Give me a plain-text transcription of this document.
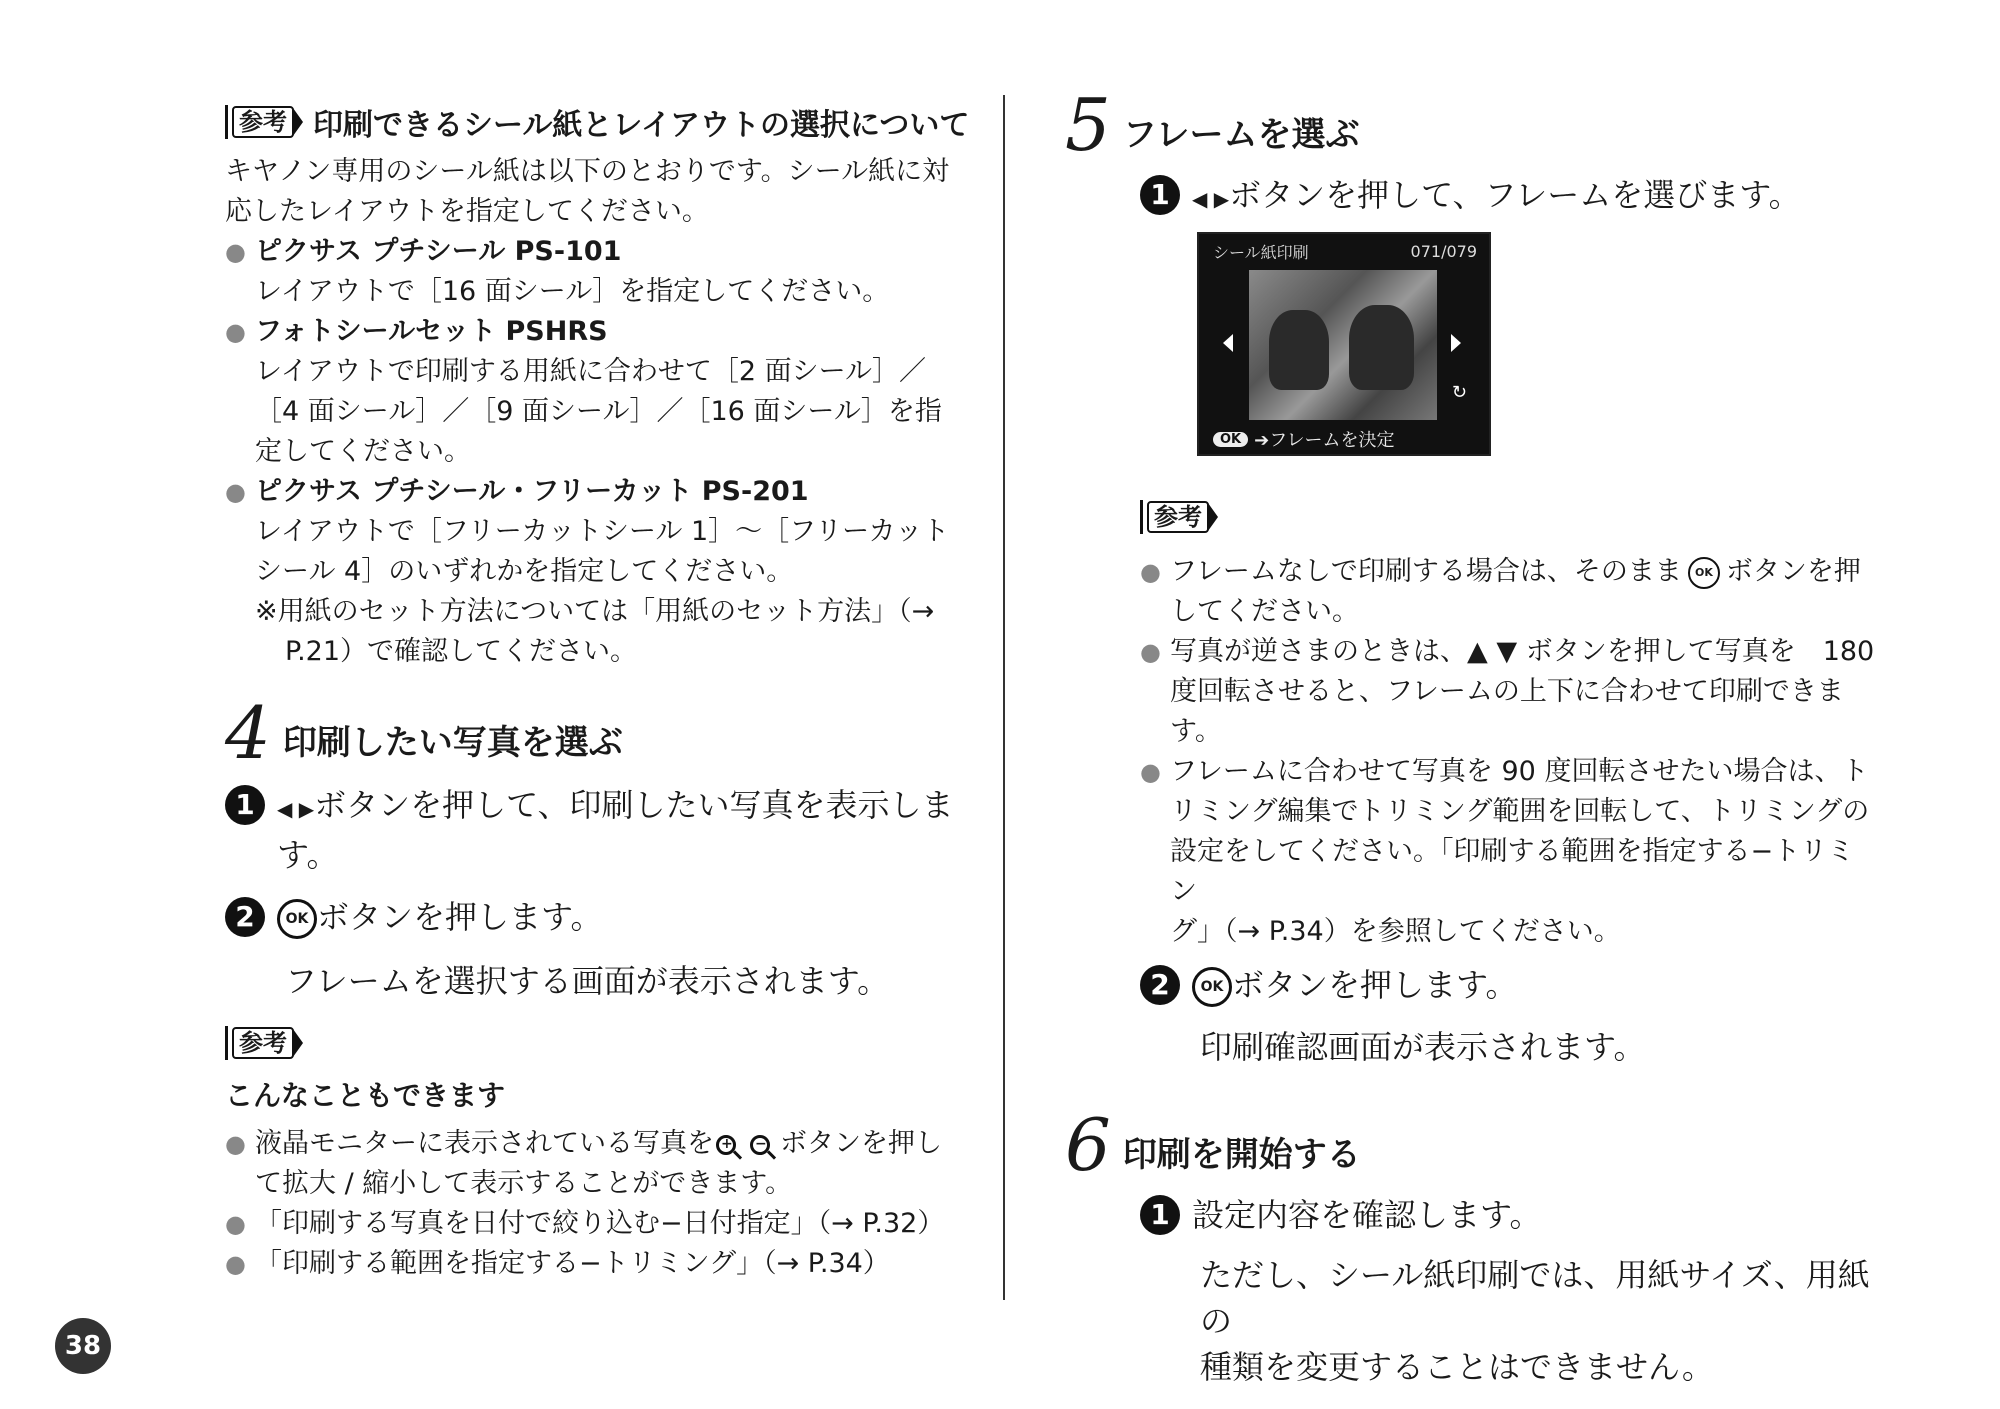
参考 印刷できるシール紙とレイアウトの選択について

キヤノン専用のシール紙は以下のとおりです。シール紙に対

応したレイアウトを指定してください。

● ピクサス プチシール PS-101

レイアウトで［16 面シール］を指定してください。

● フォトシールセット PSHRS

レイアウトで印刷する用紙に合わせて［2 面シール］／

［4 面シール］／［9 面シール］／［16 面シール］を指

定してください。

● ピクサス プチシール・フリーカット PS-201

レイアウトで［フリーカットシール 1］〜［フリーカット

シール 4］のいずれかを指定してください。

※用紙のセット方法については「用紙のセット方法」（→

P.21）で確認してください。

4 印刷したい写真を選ぶ
1	◀ ▶ボタンを押して、印刷したい写真を表示しま
す。
2	OK ボタンを押します。

フレームを選択する画面が表示されます。

参考

こんなこともできます

● 液晶モニターに表示されている写真を + − ボタンを押し

て拡大 / 縮小して表示することができます。

● 「印刷する写真を日付で絞り込む−日付指定」（→ P.32）
● 「印刷する範囲を指定する−トリミング」（→ P.34）
5 フレームを選ぶ
1	◀ ▶ボタンを押して、フレームを選びます。
シール紙印刷	071/079
↻
OK ➔フレームを決定
参考
● フレームなしで印刷する場合は、そのまま OK ボタンを押

してください。

● 写真が逆さまのときは、▲ ▼ ボタンを押して写真を　180

度回転させると、フレームの上下に合わせて印刷できます。

● フレームに合わせて写真を 90 度回転させたい場合は、ト

リミング編集でトリミング範囲を回転して、トリミングの

設定をしてください。「印刷する範囲を指定する−トリミン

グ」（→ P.34）を参照してください。

2	OK ボタンを押します。

印刷確認画面が表示されます。

6 印刷を開始する
1 設定内容を確認します。

ただし、シール紙印刷では、用紙サイズ、用紙の

種類を変更することはできません。

38
